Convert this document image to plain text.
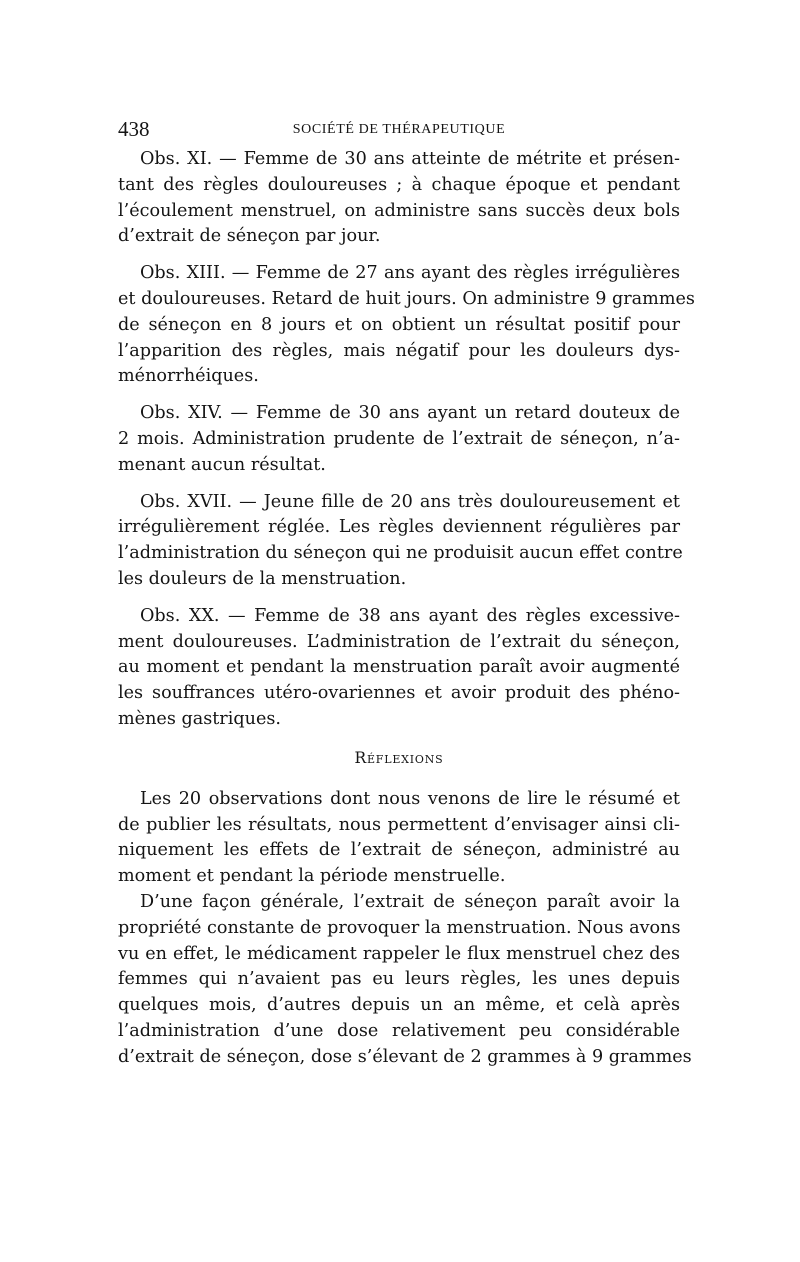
438	SOCIÉTÉ DE THÉRAPEUTIQUE

Obs. XI. — Femme de 30 ans atteinte de métrite et présen-
tant des règles douloureuses ; à chaque époque et pendant
l’écoulement menstruel, on administre sans succès deux bols
d’extrait de séneçon par jour.

Obs. XIII. — Femme de 27 ans ayant des règles irrégulières
et douloureuses. Retard de huit jours. On administre 9 grammes
de séneçon en 8 jours et on obtient un résultat positif pour
l’apparition des règles, mais négatif pour les douleurs dys-
ménorrhéiques.

Obs. XIV. — Femme de 30 ans ayant un retard douteux de
2 mois. Administration prudente de l’extrait de séneçon, n’a-
menant aucun résultat.

Obs. XVII. — Jeune fille de 20 ans très douloureusement et
irrégulièrement réglée. Les règles deviennent régulières par
l’administration du séneçon qui ne produisit aucun effet contre
les douleurs de la menstruation.

Obs. XX. — Femme de 38 ans ayant des règles excessive-
ment douloureuses. L’administration de l’extrait du séneçon,
au moment et pendant la menstruation paraît avoir augmenté
les souffrances utéro-ovariennes et avoir produit des phéno-
mènes gastriques.

Réflexions

Les 20 observations dont nous venons de lire le résumé et
de publier les résultats, nous permettent d’envisager ainsi cli-
niquement les effets de l’extrait de séneçon, administré au
moment et pendant la période menstruelle.

D’une façon générale, l’extrait de séneçon paraît avoir la
propriété constante de provoquer la menstruation. Nous avons
vu en effet, le médicament rappeler le flux menstruel chez des
femmes qui n’avaient pas eu leurs règles, les unes depuis
quelques mois, d’autres depuis un an même, et celà après
l’administration d’une dose relativement peu considérable
d’extrait de séneçon, dose s’élevant de 2 grammes à 9 grammes
